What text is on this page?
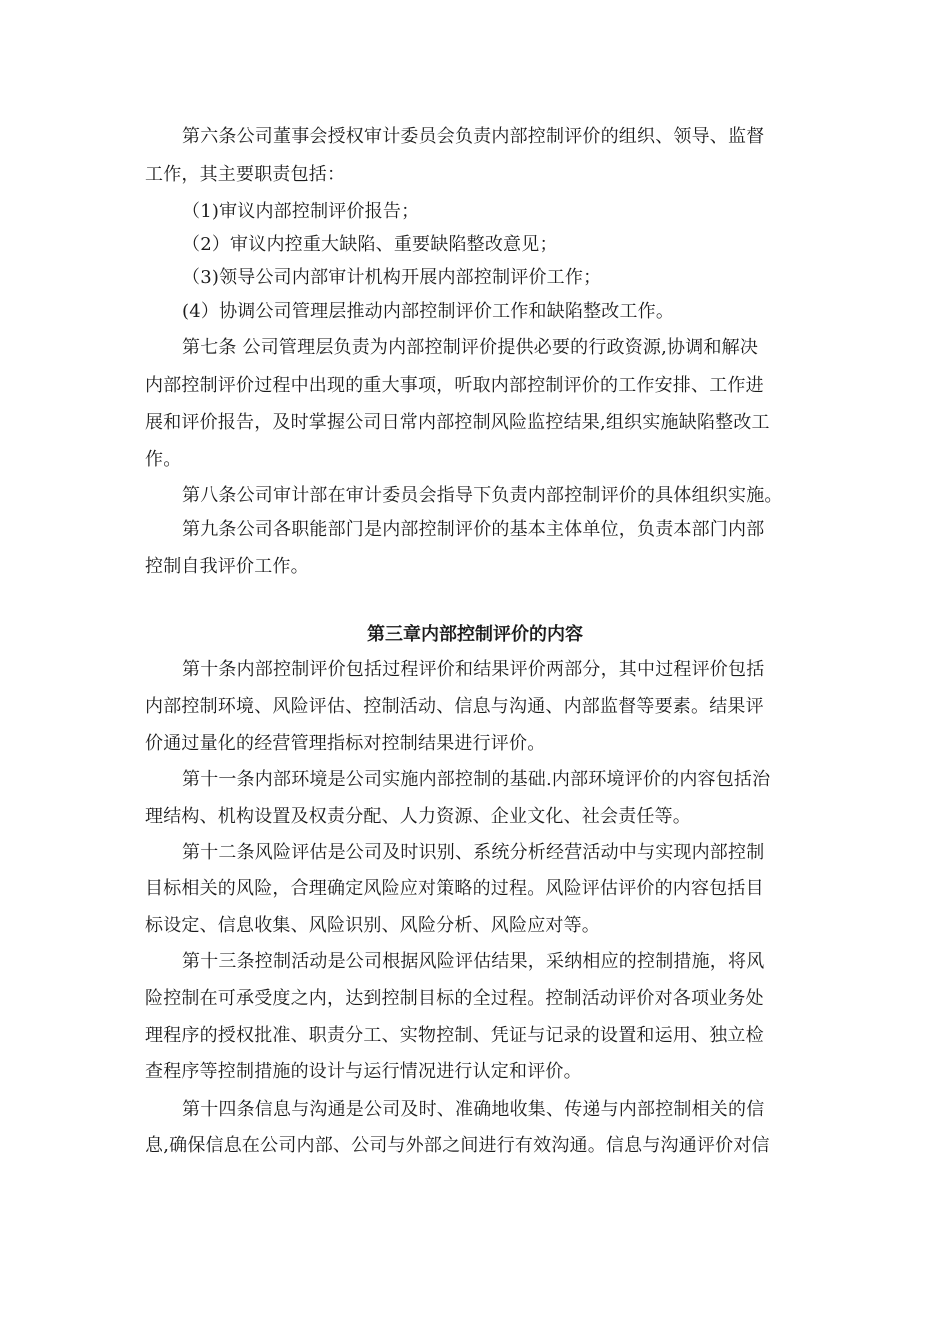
第六条公司董事会授权审计委员会负责内部控制评价的组织、领导、监督
工作，其主要职责包括：
（1)审议内部控制评价报告；
（2）审议内控重大缺陷、重要缺陷整改意见；
（3)领导公司内部审计机构开展内部控制评价工作；
(4）协调公司管理层推动内部控制评价工作和缺陷整改工作。
第七条 公司管理层负责为内部控制评价提供必要的行政资源,协调和解决
内部控制评价过程中出现的重大事项，听取内部控制评价的工作安排、工作进
展和评价报告，及时掌握公司日常内部控制风险监控结果,组织实施缺陷整改工
作。
第八条公司审计部在审计委员会指导下负责内部控制评价的具体组织实施。
第九条公司各职能部门是内部控制评价的基本主体单位，负责本部门内部
控制自我评价工作。
第三章内部控制评价的内容
第十条内部控制评价包括过程评价和结果评价两部分，其中过程评价包括
内部控制环境、风险评估、控制活动、信息与沟通、内部监督等要素。结果评
价通过量化的经营管理指标对控制结果进行评价。
第十一条内部环境是公司实施内部控制的基础.内部环境评价的内容包括治
理结构、机构设置及权责分配、人力资源、企业文化、社会责任等。
第十二条风险评估是公司及时识别、系统分析经营活动中与实现内部控制
目标相关的风险，合理确定风险应对策略的过程。风险评估评价的内容包括目
标设定、信息收集、风险识别、风险分析、风险应对等。
第十三条控制活动是公司根据风险评估结果，采纳相应的控制措施，将风
险控制在可承受度之内，达到控制目标的全过程。控制活动评价对各项业务处
理程序的授权批准、职责分工、实物控制、凭证与记录的设置和运用、独立检
查程序等控制措施的设计与运行情况进行认定和评价。
第十四条信息与沟通是公司及时、准确地收集、传递与内部控制相关的信
息,确保信息在公司内部、公司与外部之间进行有效沟通。信息与沟通评价对信
